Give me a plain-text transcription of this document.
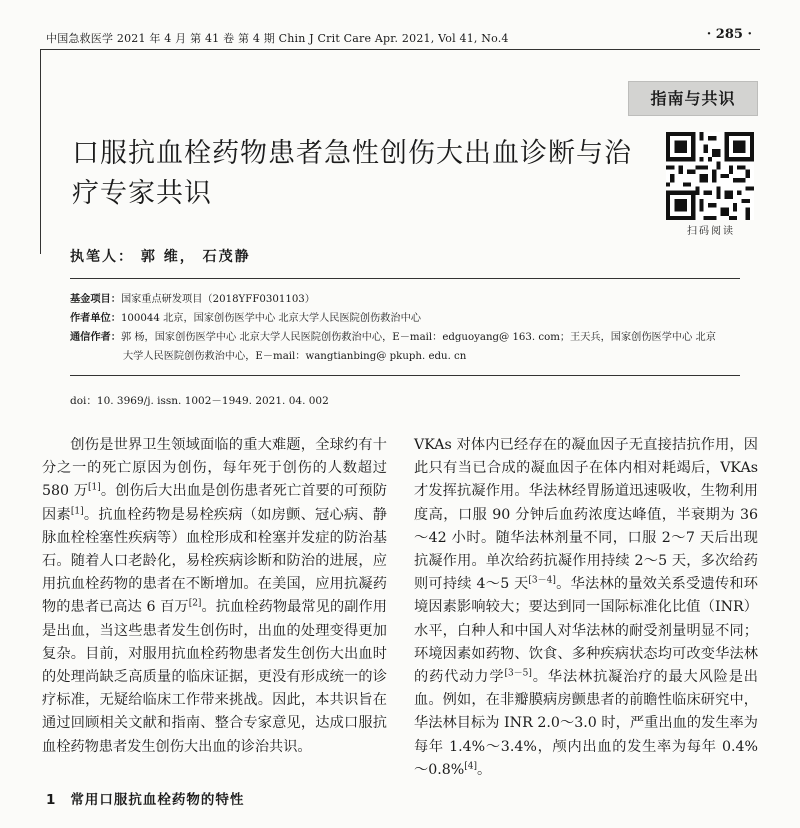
中国急救医学 2021 年 4 月 第 41 卷 第 4 期 Chin J Crit Care Apr. 2021, Vol 41, No.4	· 285 ·
指南与共识
口服抗血栓药物患者急性创伤大出血诊断与治疗专家共识
扫码阅读
执笔人： 郭 维， 石茂静
基金项目：国家重点研发项目（2018YFF0301103）
作者单位：100044 北京，国家创伤医学中心 北京大学人民医院创伤救治中心
通信作者：郭 杨，国家创伤医学中心 北京大学人民医院创伤救治中心，E－mail：edguoyang@ 163. com；王天兵，国家创伤医学中心 北京
大学人民医院创伤救治中心，E－mail：wangtianbing@ pkuph. edu. cn
doi：10. 3969/j. issn. 1002－1949. 2021. 04. 002
创伤是世界卫生领域面临的重大难题，全球约有十分之一的死亡原因为创伤，每年死于创伤的人数超过 580 万[1]。创伤后大出血是创伤患者死亡首要的可预防因素[1]。抗血栓药物是易栓疾病（如房颤、冠心病、静脉血栓栓塞性疾病等）血栓形成和栓塞并发症的防治基石。随着人口老龄化，易栓疾病诊断和防治的进展，应用抗血栓药物的患者在不断增加。在美国，应用抗凝药物的患者已高达 6 百万[2]。抗血栓药物最常见的副作用是出血，当这些患者发生创伤时，出血的处理变得更加复杂。目前，对服用抗血栓药物患者发生创伤大出血时的处理尚缺乏高质量的临床证据，更没有形成统一的诊疗标准，无疑给临床工作带来挑战。因此，本共识旨在通过回顾相关文献和指南、整合专家意见，达成口服抗血栓药物患者发生创伤大出血的诊治共识。
VKAs 对体内已经存在的凝血因子无直接拮抗作用，因此只有当已合成的凝血因子在体内相对耗竭后，VKAs 才发挥抗凝作用。华法林经胃肠道迅速吸收，生物利用度高，口服 90 分钟后血药浓度达峰值，半衰期为 36～42 小时。随华法林剂量不同，口服 2～7 天后出现抗凝作用。单次给药抗凝作用持续 2～5 天，多次给药则可持续 4～5 天[3－4]。华法林的量效关系受遗传和环境因素影响较大；要达到同一国际标准化比值（INR）水平，白种人和中国人对华法林的耐受剂量明显不同；环境因素如药物、饮食、多种疾病状态均可改变华法林的药代动力学[3－5]。华法林抗凝治疗的最大风险是出血。例如，在非瓣膜病房颤患者的前瞻性临床研究中，华法林目标为 INR 2.0～3.0 时，严重出血的发生率为每年 1.4%～3.4%，颅内出血的发生率为每年 0.4%～0.8%[4]。
1 常用口服抗血栓药物的特性
